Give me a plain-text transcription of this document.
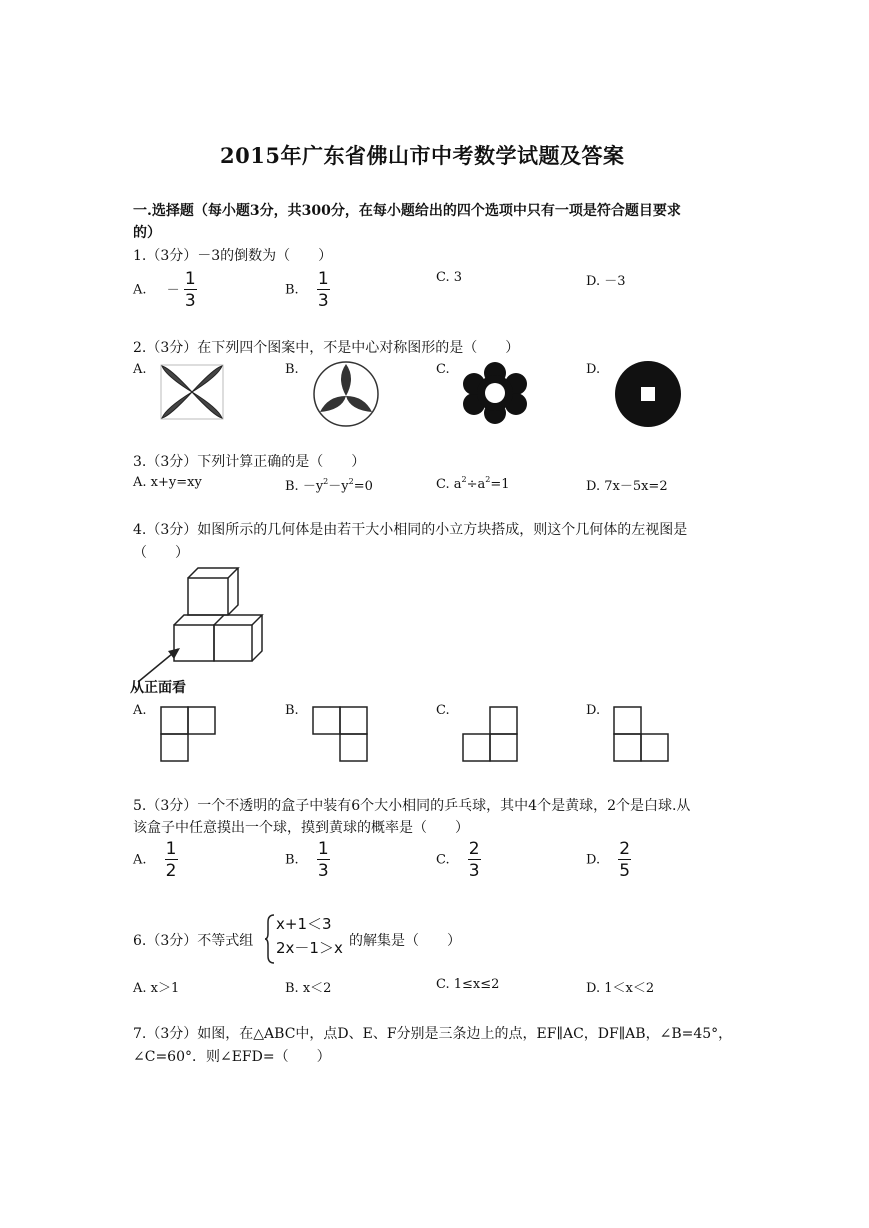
2015年广东省佛山市中考数学试题及答案
一.选择题（每小题3分，共300分，在每小题给出的四个选项中只有一项是符合题目要求
的）
1.（3分）－3的倒数为（　　）
A. － $\frac{1}{3}$	B. $\frac{1}{3}$	C. 3	D. －3
2.（3分）在下列四个图案中，不是中心对称图形的是（　　）
A.	B.	C.	D.
3.（3分）下列计算正确的是（　　）
A. x+y=xy	B. $-y^2-y^2=0$	C. $a^2\div a^2=1$	D. 7x－5x=2
4.（3分）如图所示的几何体是由若干大小相同的小立方块搭成，则这个几何体的左视图是
（　　）
从正面看
A.	B.	C.	D.
5.（3分）一个不透明的盒子中装有6个大小相同的乒乓球，其中4个是黄球，2个是白球.从
该盒子中任意摸出一个球，摸到黄球的概率是（　　）
A. $\frac{1}{2}$	B. $\frac{1}{3}$	C. $\frac{2}{3}$	D. $\frac{2}{5}$
6.（3分）不等式组
x+1＜3
2x－1＞x 的解集是（　　）
A. x＞1	B. x＜2	C. 1≤x≤2	D. 1＜x＜2
7.（3分）如图，在△ABC中，点D、E、F分别是三条边上的点，EF∥AC，DF∥AB，∠B=45°，
∠C=60°．则∠EFD=（　　）
